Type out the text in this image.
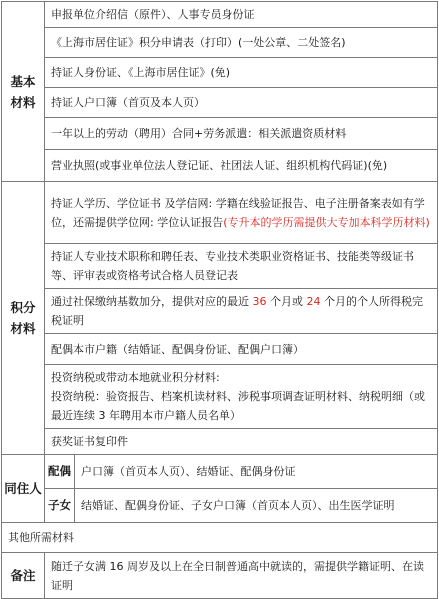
基本
材料	申报单位介绍信（原件）、人事专员身份证	
	《上海市居住证》积分申请表（打印）(一处公章、二处签名)	
	持证人身份证、《上海市居住证》(免)	
	持证人户口簿（首页及本人页）	
	一年以上的劳动（聘用）合同+劳务派遣：相关派遣资质材料	
	营业执照(或事业单位法人登记证、社团法人证、组织机构代码证)(免)	
积分
材料	持证人学历、学位证书 及学信网: 学籍在线验证报告、电子注册备案表如有学位，还需提供学位网: 学位认证报告(专升本的学历需提供大专加本科学历材料)	
	持证人专业技术职称和聘任表、专业技术类职业资格证书、技能类等级证书等、评审表或资格考试合格人员登记表	
	通过社保缴纳基数加分，提供对应的最近 36 个月或 24 个月的个人所得税完税证明	
	配偶本市户籍（结婚证、配偶身份证、配偶户口簿）	
	投资纳税或带动本地就业积分材料:
投资纳税：验资报告、档案机读材料、涉税事项调查证明材料、纳税明细（或最近连续 3 年聘用本市户籍人员名单）	
	获奖证书复印件	
同住人	配偶	户口簿（首页本人页）、结婚证、配偶身份证
	子女	结婚证、配偶身份证、子女户口簿（首页本人页）、出生医学证明
其他所需材料		
备注	随迁子女满 16 周岁及以上在全日制普通高中就读的，需提供学籍证明、在读证明	
